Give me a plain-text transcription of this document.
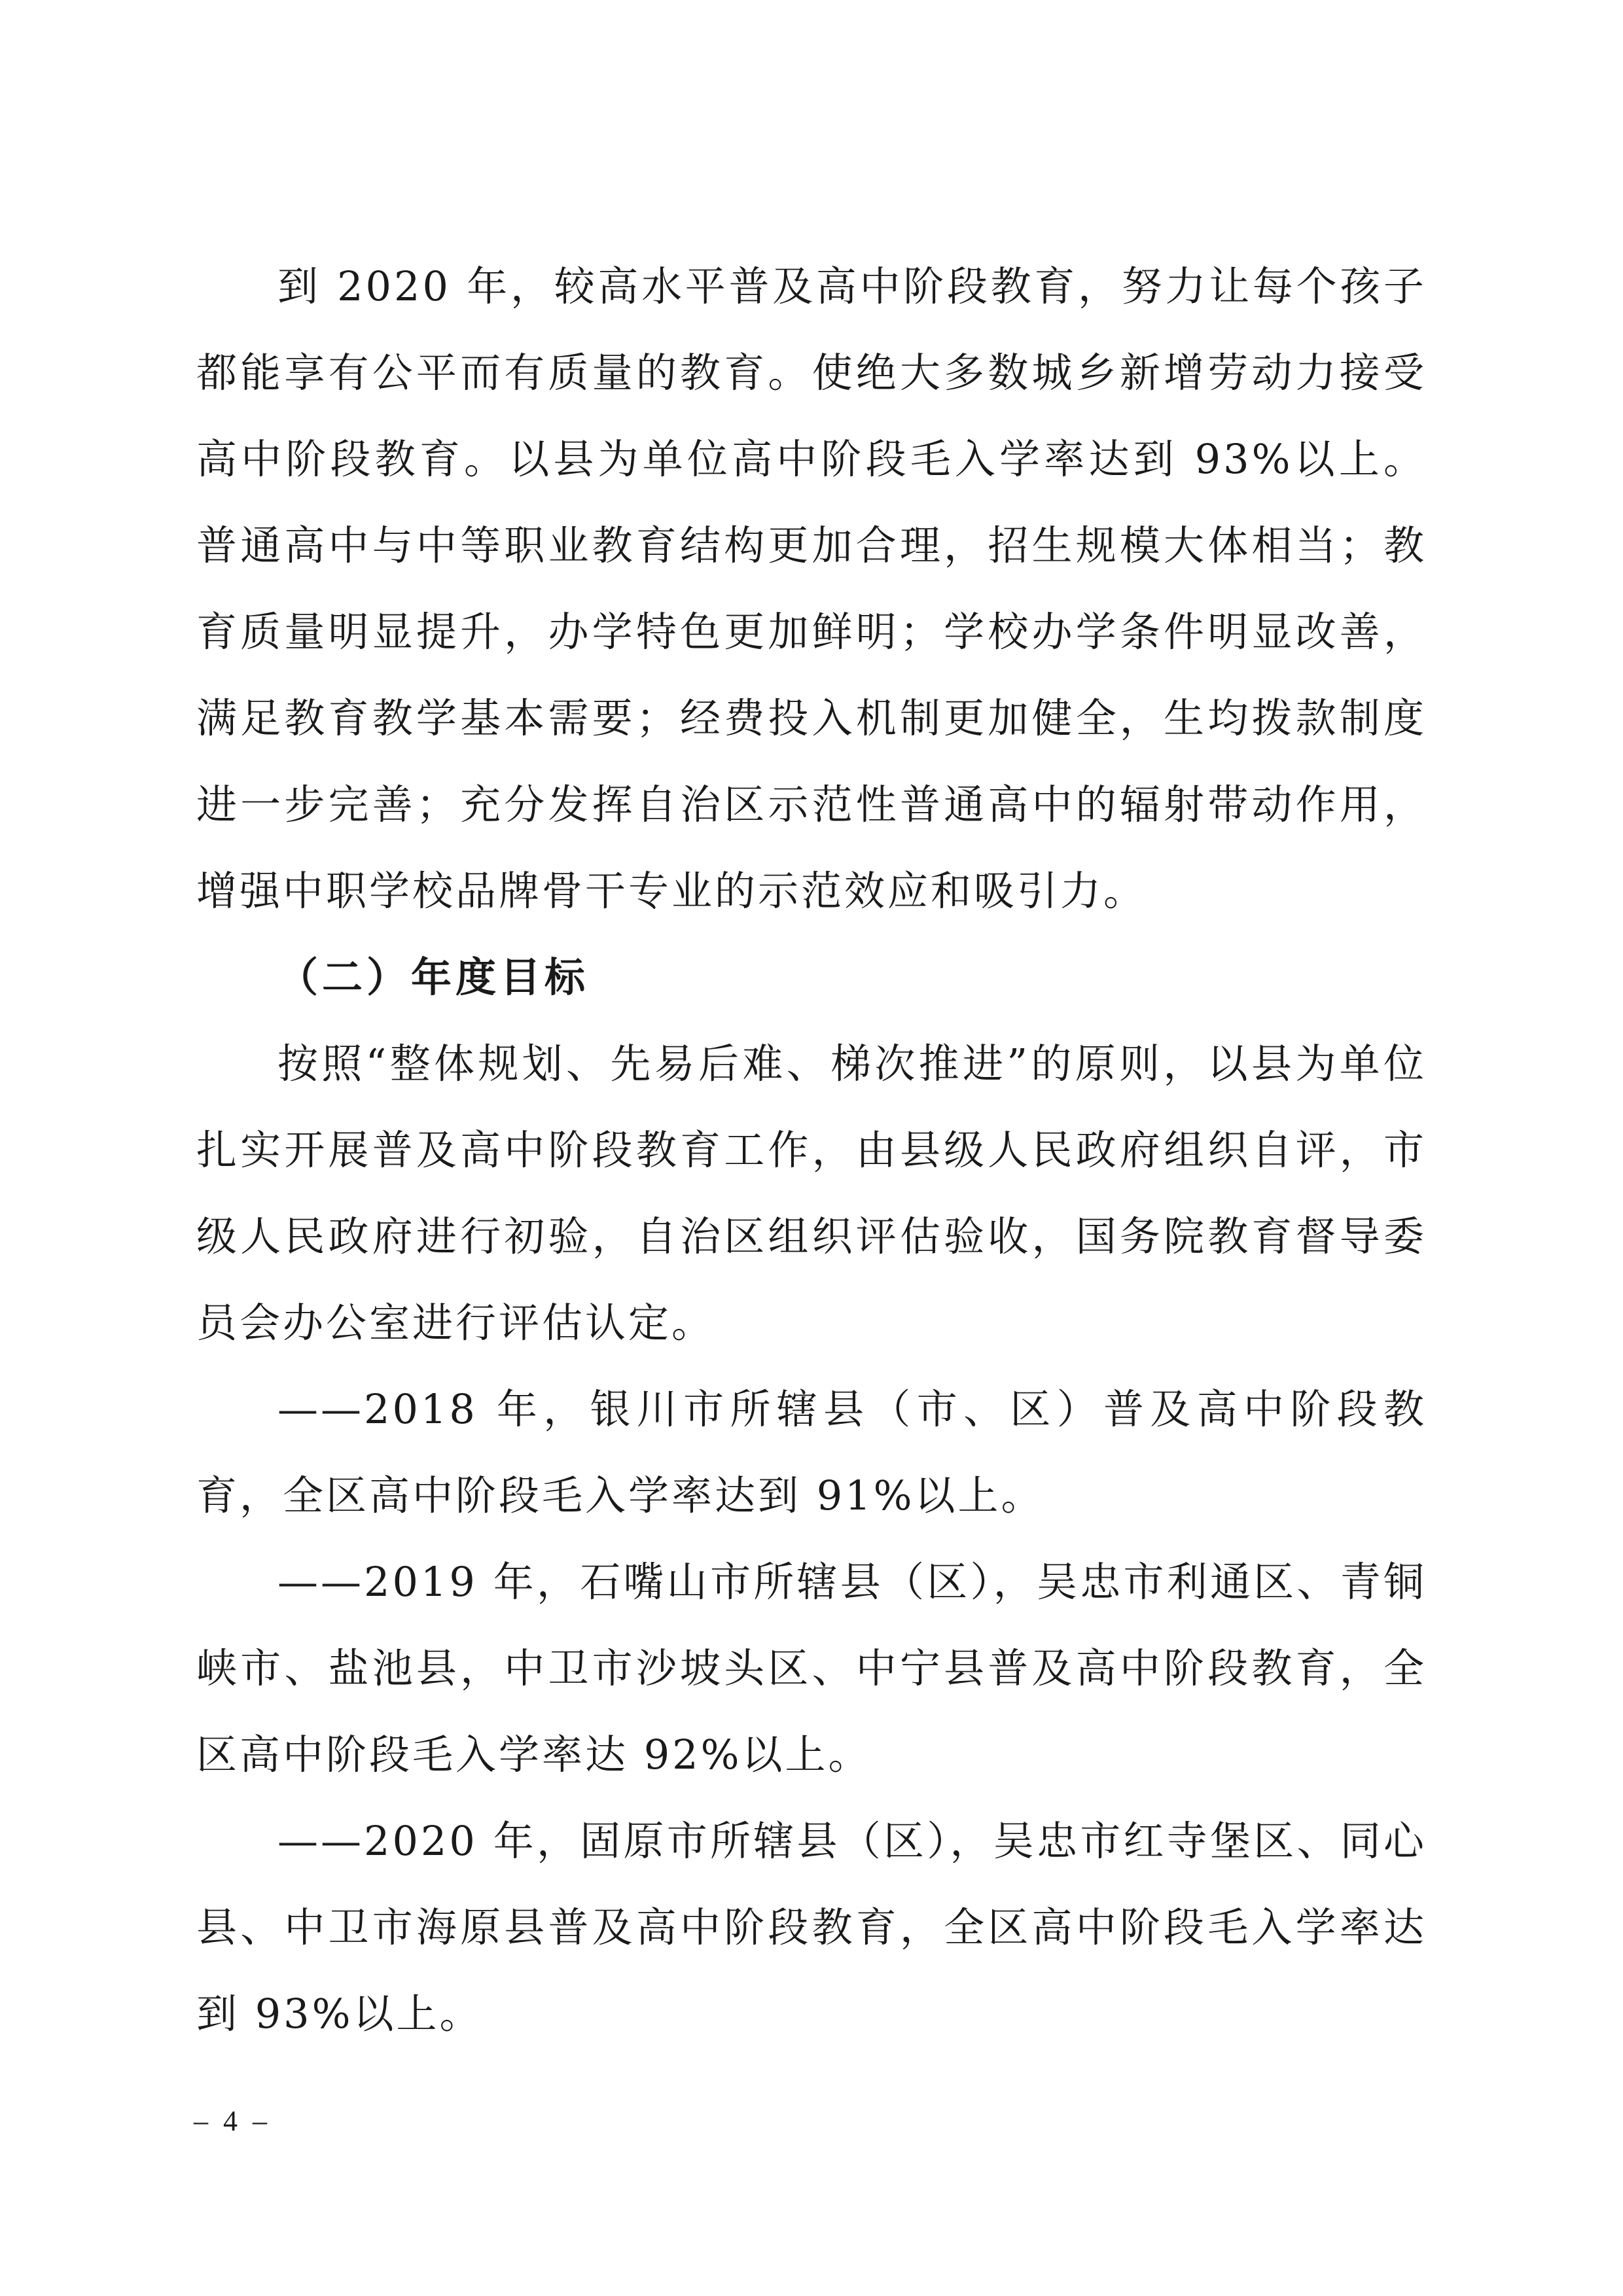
到 2020 年，较高水平普及高中阶段教育，努力让每个孩子都能享有公平而有质量的教育。使绝大多数城乡新增劳动力接受高中阶段教育。以县为单位高中阶段毛入学率达到 93%以上。普通高中与中等职业教育结构更加合理，招生规模大体相当；教育质量明显提升，办学特色更加鲜明；学校办学条件明显改善，满足教育教学基本需要；经费投入机制更加健全，生均拨款制度进一步完善；充分发挥自治区示范性普通高中的辐射带动作用，增强中职学校品牌骨干专业的示范效应和吸引力。

（二）年度目标

按照“整体规划、先易后难、梯次推进”的原则，以县为单位扎实开展普及高中阶段教育工作，由县级人民政府组织自评，市级人民政府进行初验，自治区组织评估验收，国务院教育督导委员会办公室进行评估认定。

——2018 年，银川市所辖县（市、区）普及高中阶段教育，全区高中阶段毛入学率达到 91%以上。

——2019 年，石嘴山市所辖县（区），吴忠市利通区、青铜峡市、盐池县，中卫市沙坡头区、中宁县普及高中阶段教育，全区高中阶段毛入学率达 92%以上。

——2020 年，固原市所辖县（区），吴忠市红寺堡区、同心县、中卫市海原县普及高中阶段教育，全区高中阶段毛入学率达到 93%以上。

– 4 –
